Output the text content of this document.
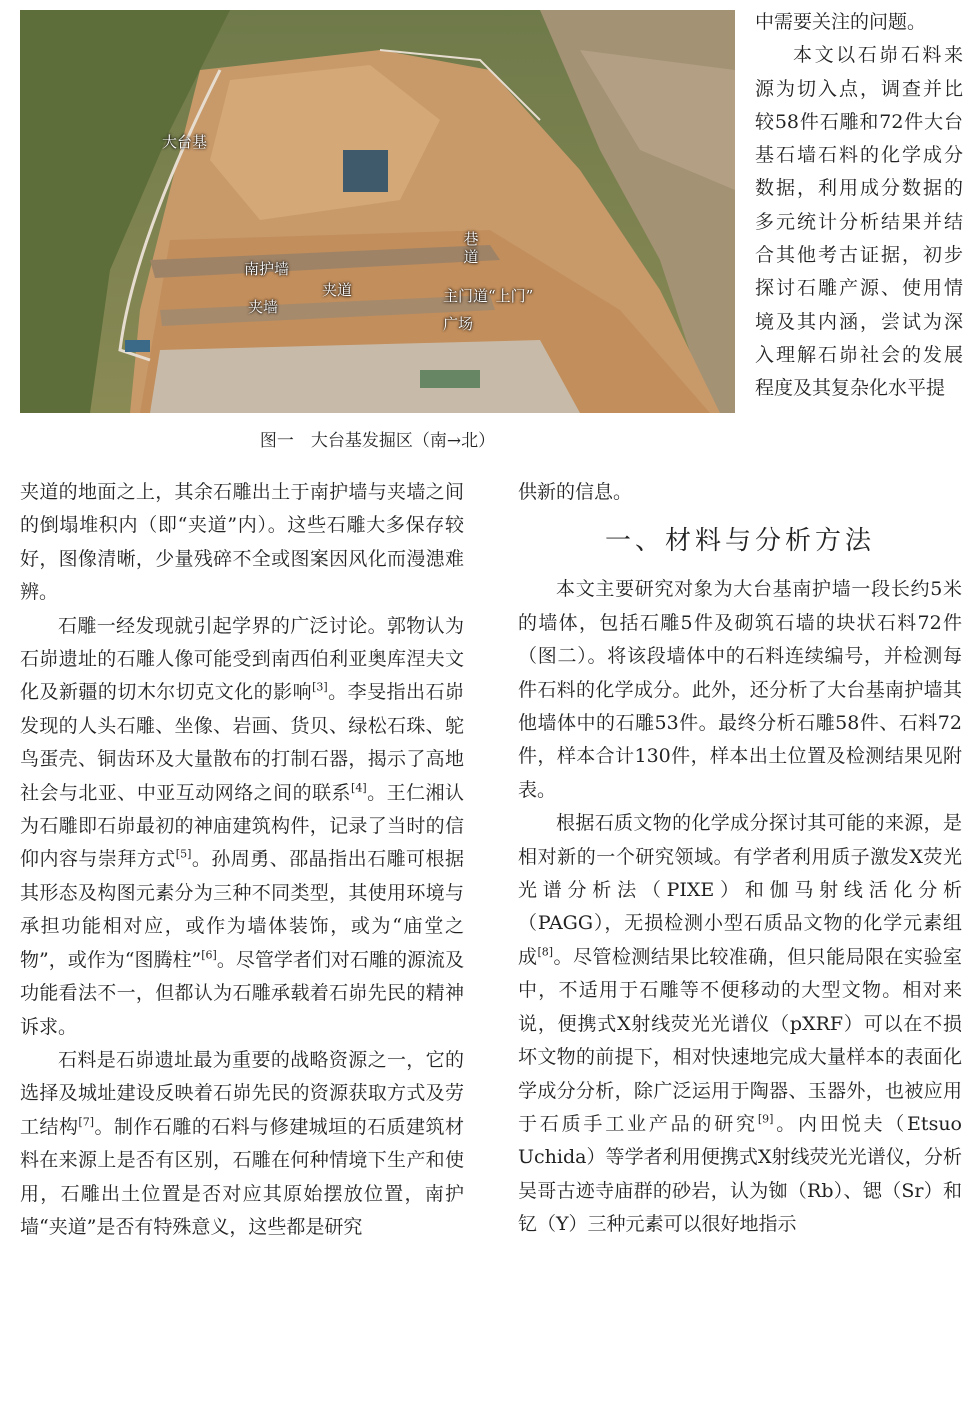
大台基
巷道
南护墙
夹道
夹墙
主门道“上门”
广场
图一　大台基发掘区（南→北）

中需要关注的问题。

本文以石峁石料来源为切入点，调查并比较58件石雕和72件大台基石墙石料的化学成分数据，利用成分数据的多元统计分析结果并结合其他考古证据，初步探讨石雕产源、使用情境及其内涵，尝试为深入理解石峁社会的发展程度及其复杂化水平提

夹道的地面之上，其余石雕出土于南护墙与夹墙之间的倒塌堆积内（即“夹道”内）。这些石雕大多保存较好，图像清晰，少量残碎不全或图案因风化而漫漶难辨。

石雕一经发现就引起学界的广泛讨论。郭物认为石峁遗址的石雕人像可能受到南西伯利亚奥库涅夫文化及新疆的切木尔切克文化的影响[3]。李旻指出石峁发现的人头石雕、坐像、岩画、货贝、绿松石珠、鸵鸟蛋壳、铜齿环及大量散布的打制石器，揭示了高地社会与北亚、中亚互动网络之间的联系[4]。王仁湘认为石雕即石峁最初的神庙建筑构件，记录了当时的信仰内容与崇拜方式[5]。孙周勇、邵晶指出石雕可根据其形态及构图元素分为三种不同类型，其使用环境与承担功能相对应，或作为墙体装饰，或为“庙堂之物”，或作为“图腾柱”[6]。尽管学者们对石雕的源流及功能看法不一，但都认为石雕承载着石峁先民的精神诉求。

石料是石峁遗址最为重要的战略资源之一，它的选择及城址建设反映着石峁先民的资源获取方式及劳工结构[7]。制作石雕的石料与修建城垣的石质建筑材料在来源上是否有区别，石雕在何种情境下生产和使用，石雕出土位置是否对应其原始摆放位置，南护墙“夹道”是否有特殊意义，这些都是研究

供新的信息。

一、材料与分析方法

本文主要研究对象为大台基南护墙一段长约5米的墙体，包括石雕5件及砌筑石墙的块状石料72件（图二）。将该段墙体中的石料连续编号，并检测每件石料的化学成分。此外，还分析了大台基南护墙其他墙体中的石雕53件。最终分析石雕58件、石料72件，样本合计130件，样本出土位置及检测结果见附表。

根据石质文物的化学成分探讨其可能的来源，是相对新的一个研究领域。有学者利用质子激发X荧光光谱分析法（PIXE）和伽马射线活化分析（PAGG），无损检测小型石质品文物的化学元素组成[8]。尽管检测结果比较准确，但只能局限在实验室中，不适用于石雕等不便移动的大型文物。相对来说，便携式X射线荧光光谱仪（pXRF）可以在不损坏文物的前提下，相对快速地完成大量样本的表面化学成分分析，除广泛运用于陶器、玉器外，也被应用于石质手工业产品的研究[9]。内田悦夫（Etsuo Uchida）等学者利用便携式X射线荧光光谱仪，分析吴哥古迹寺庙群的砂岩，认为铷（Rb）、锶（Sr）和钇（Y）三种元素可以很好地指示
